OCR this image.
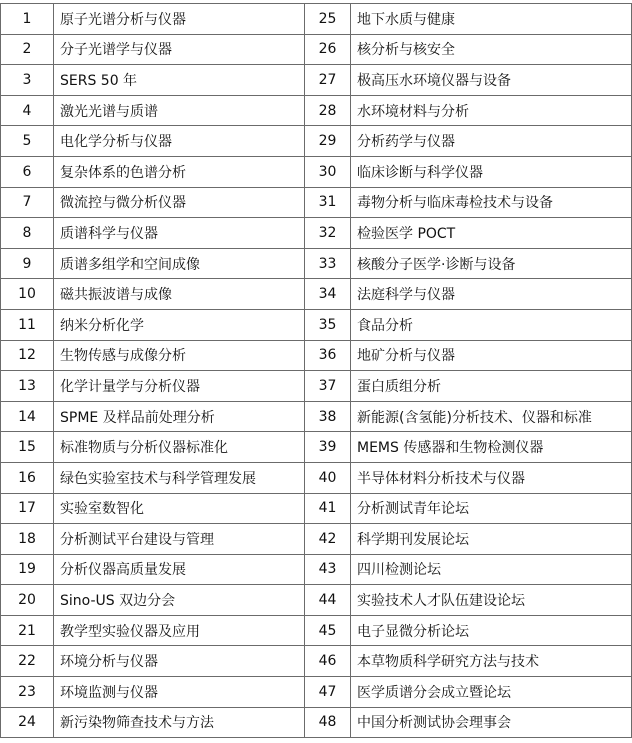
1	原子光谱分析与仪器	25	地下水质与健康
2	分子光谱学与仪器	26	核分析与核安全
3	SERS 50 年	27	极高压水环境仪器与设备
4	激光光谱与质谱	28	水环境材料与分析
5	电化学分析与仪器	29	分析药学与仪器
6	复杂体系的色谱分析	30	临床诊断与科学仪器
7	微流控与微分析仪器	31	毒物分析与临床毒检技术与设备
8	质谱科学与仪器	32	检验医学 POCT
9	质谱多组学和空间成像	33	核酸分子医学·诊断与设备
10	磁共振波谱与成像	34	法庭科学与仪器
11	纳米分析化学	35	食品分析
12	生物传感与成像分析	36	地矿分析与仪器
13	化学计量学与分析仪器	37	蛋白质组分析
14	SPME 及样品前处理分析	38	新能源(含氢能)分析技术、仪器和标准
15	标准物质与分析仪器标准化	39	MEMS 传感器和生物检测仪器
16	绿色实验室技术与科学管理发展	40	半导体材料分析技术与仪器
17	实验室数智化	41	分析测试青年论坛
18	分析测试平台建设与管理	42	科学期刊发展论坛
19	分析仪器高质量发展	43	四川检测论坛
20	Sino-US 双边分会	44	实验技术人才队伍建设论坛
21	教学型实验仪器及应用	45	电子显微分析论坛
22	环境分析与仪器	46	本草物质科学研究方法与技术
23	环境监测与仪器	47	医学质谱分会成立暨论坛
24	新污染物筛查技术与方法	48	中国分析测试协会理事会
